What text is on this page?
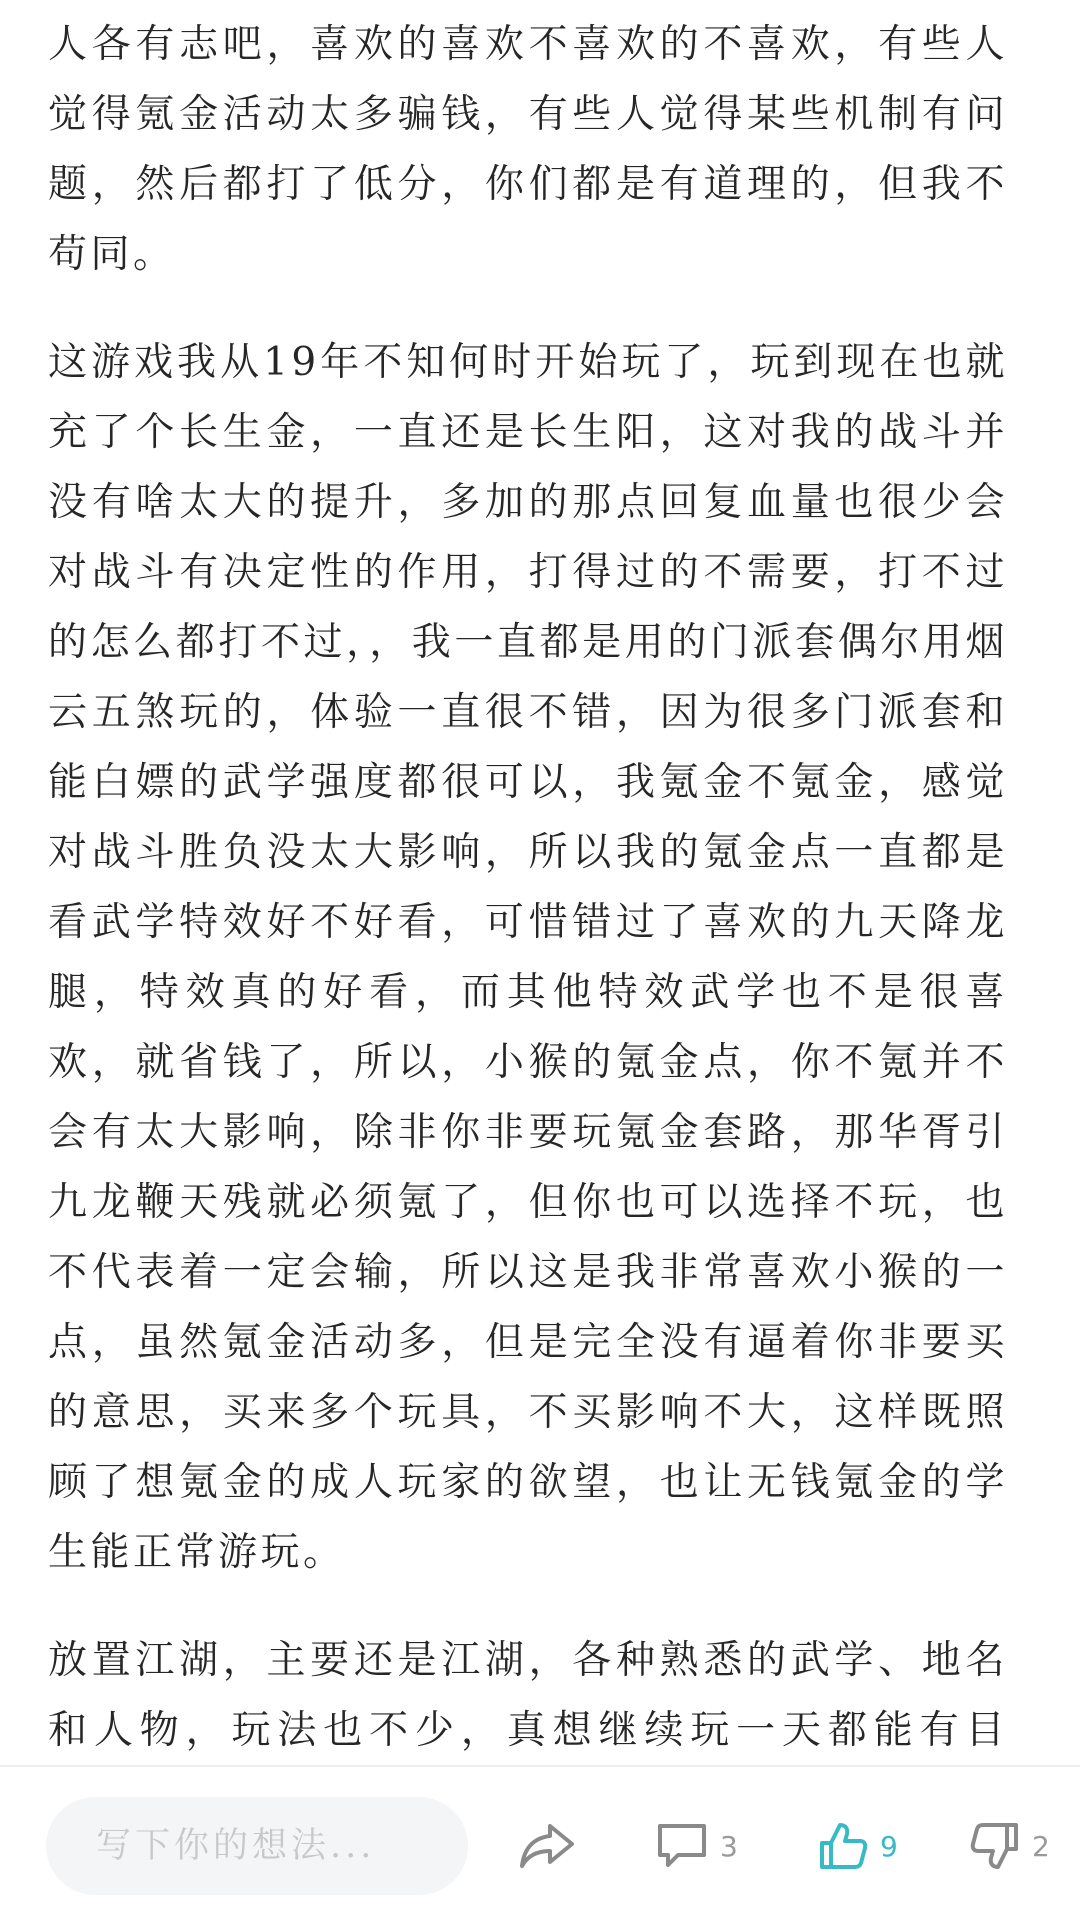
人各有志吧，喜欢的喜欢不喜欢的不喜欢，有些人觉得氪金活动太多骗钱，有些人觉得某些机制有问题，然后都打了低分，你们都是有道理的，但我不苟同。

这游戏我从19年不知何时开始玩了，玩到现在也就充了个长生金，一直还是长生阳，这对我的战斗并没有啥太大的提升，多加的那点回复血量也很少会对战斗有决定性的作用，打得过的不需要，打不过的怎么都打不过，，我一直都是用的门派套偶尔用烟云五煞玩的，体验一直很不错，因为很多门派套和能白嫖的武学强度都很可以，我氪金不氪金，感觉对战斗胜负没太大影响，所以我的氪金点一直都是看武学特效好不好看，可惜错过了喜欢的九天降龙腿，特效真的好看，而其他特效武学也不是很喜欢，就省钱了，所以，小猴的氪金点，你不氪并不会有太大影响，除非你非要玩氪金套路，那华胥引九龙鞭天残就必须氪了，但你也可以选择不玩，也不代表着一定会输，所以这是我非常喜欢小猴的一点，虽然氪金活动多，但是完全没有逼着你非要买的意思，买来多个玩具，不买影响不大，这样既照顾了想氪金的成人玩家的欲望，也让无钱氪金的学生能正常游玩。

放置江湖，主要还是江湖，各种熟悉的武学、地名和人物，玩法也不少，真想继续玩一天都能有目

写下你的想法...
3	9	2
